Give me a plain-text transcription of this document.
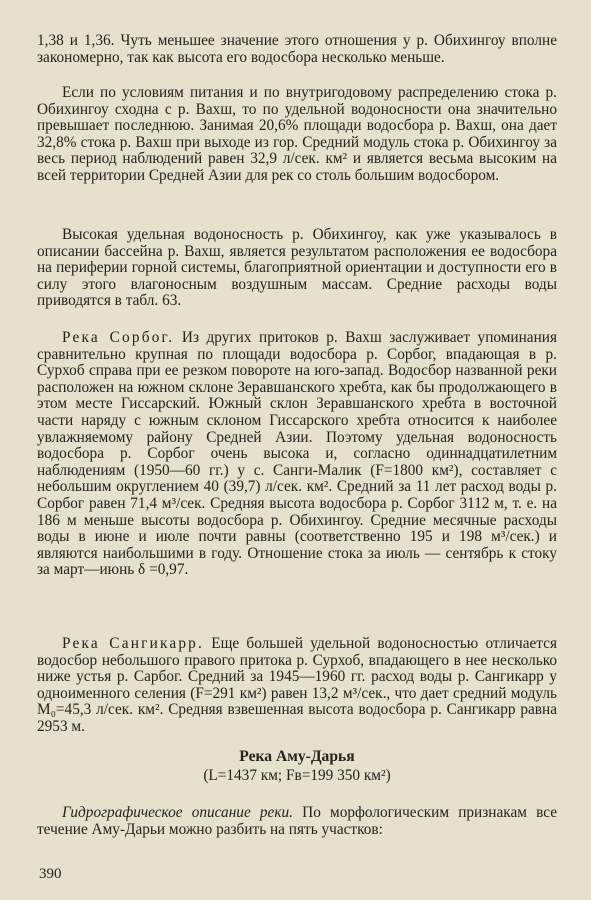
1,38 и 1,36. Чуть меньшее значение этого отношения у р. Обихингоу вполне закономерно, так как высота его водосбора несколько меньше.

Если по условиям питания и по внутригодовому распределению стока р. Обихингоу сходна с р. Вахш, то по удельной водоносности она значительно превышает последнюю. Занимая 20,6% площади водосбора р. Вахш, она дает 32,8% стока р. Вахш при выходе из гор. Средний модуль стока р. Обихингоу за весь период наблюдений равен 32,9 л/сек. км² и является весьма высоким на всей территории Средней Азии для рек со столь большим водосбором.

Высокая удельная водоносность р. Обихингоу, как уже указывалось в описании бассейна р. Вахш, является результатом расположения ее водосбора на периферии горной системы, благоприятной ориентации и доступности его в силу этого влагоносным воздушным массам. Средние расходы воды приводятся в табл. 63.

Река Сорбог. Из других притоков р. Вахш заслуживает упоминания сравнительно крупная по площади водосбора р. Сорбог, впадающая в р. Сурхоб справа при ее резком повороте на юго-запад. Водосбор названной реки расположен на южном склоне Зеравшанского хребта, как бы продолжающего в этом месте Гиссарский. Южный склон Зеравшанского хребта в восточной части наряду с южным склоном Гиссарского хребта относится к наиболее увлажняемому району Средней Азии. Поэтому удельная водоносность водосбора р. Сорбог очень высока и, согласно одиннадцатилетним наблюдениям (1950—60 гг.) у с. Санги-Малик (F=1800 км²), составляет с небольшим округлением 40 (39,7) л/сек. км². Средний за 11 лет расход воды р. Сорбог равен 71,4 м³/сек. Средняя высота водосбора р. Сорбог 3112 м, т. е. на 186 м меньше высоты водосбора р. Обихингоу. Средние месячные расходы воды в июне и июле почти равны (соответственно 195 и 198 м³/сек.) и являются наибольшими в году. Отношение стока за июль — сентябрь к стоку за март—июнь δ =0,97.

Река Сангикарр. Еще большей удельной водоносностью отличается водосбор небольшого правого притока р. Сурхоб, впадающего в нее несколько ниже устья р. Сарбог. Средний за 1945—1960 гг. расход воды р. Сангикарр у одноименного селения (F=291 км²) равен 13,2 м³/сек., что дает средний модуль M₀=45,3 л/сек. км². Средняя взвешенная высота водосбора р. Сангикарр равна 2953 м.

Река Аму-Дарья

(L=1437 км; Fв=199 350 км²)

Гидрографическое описание реки. По морфологическим признакам все течение Аму-Дарьи можно разбить на пять участков:

390
